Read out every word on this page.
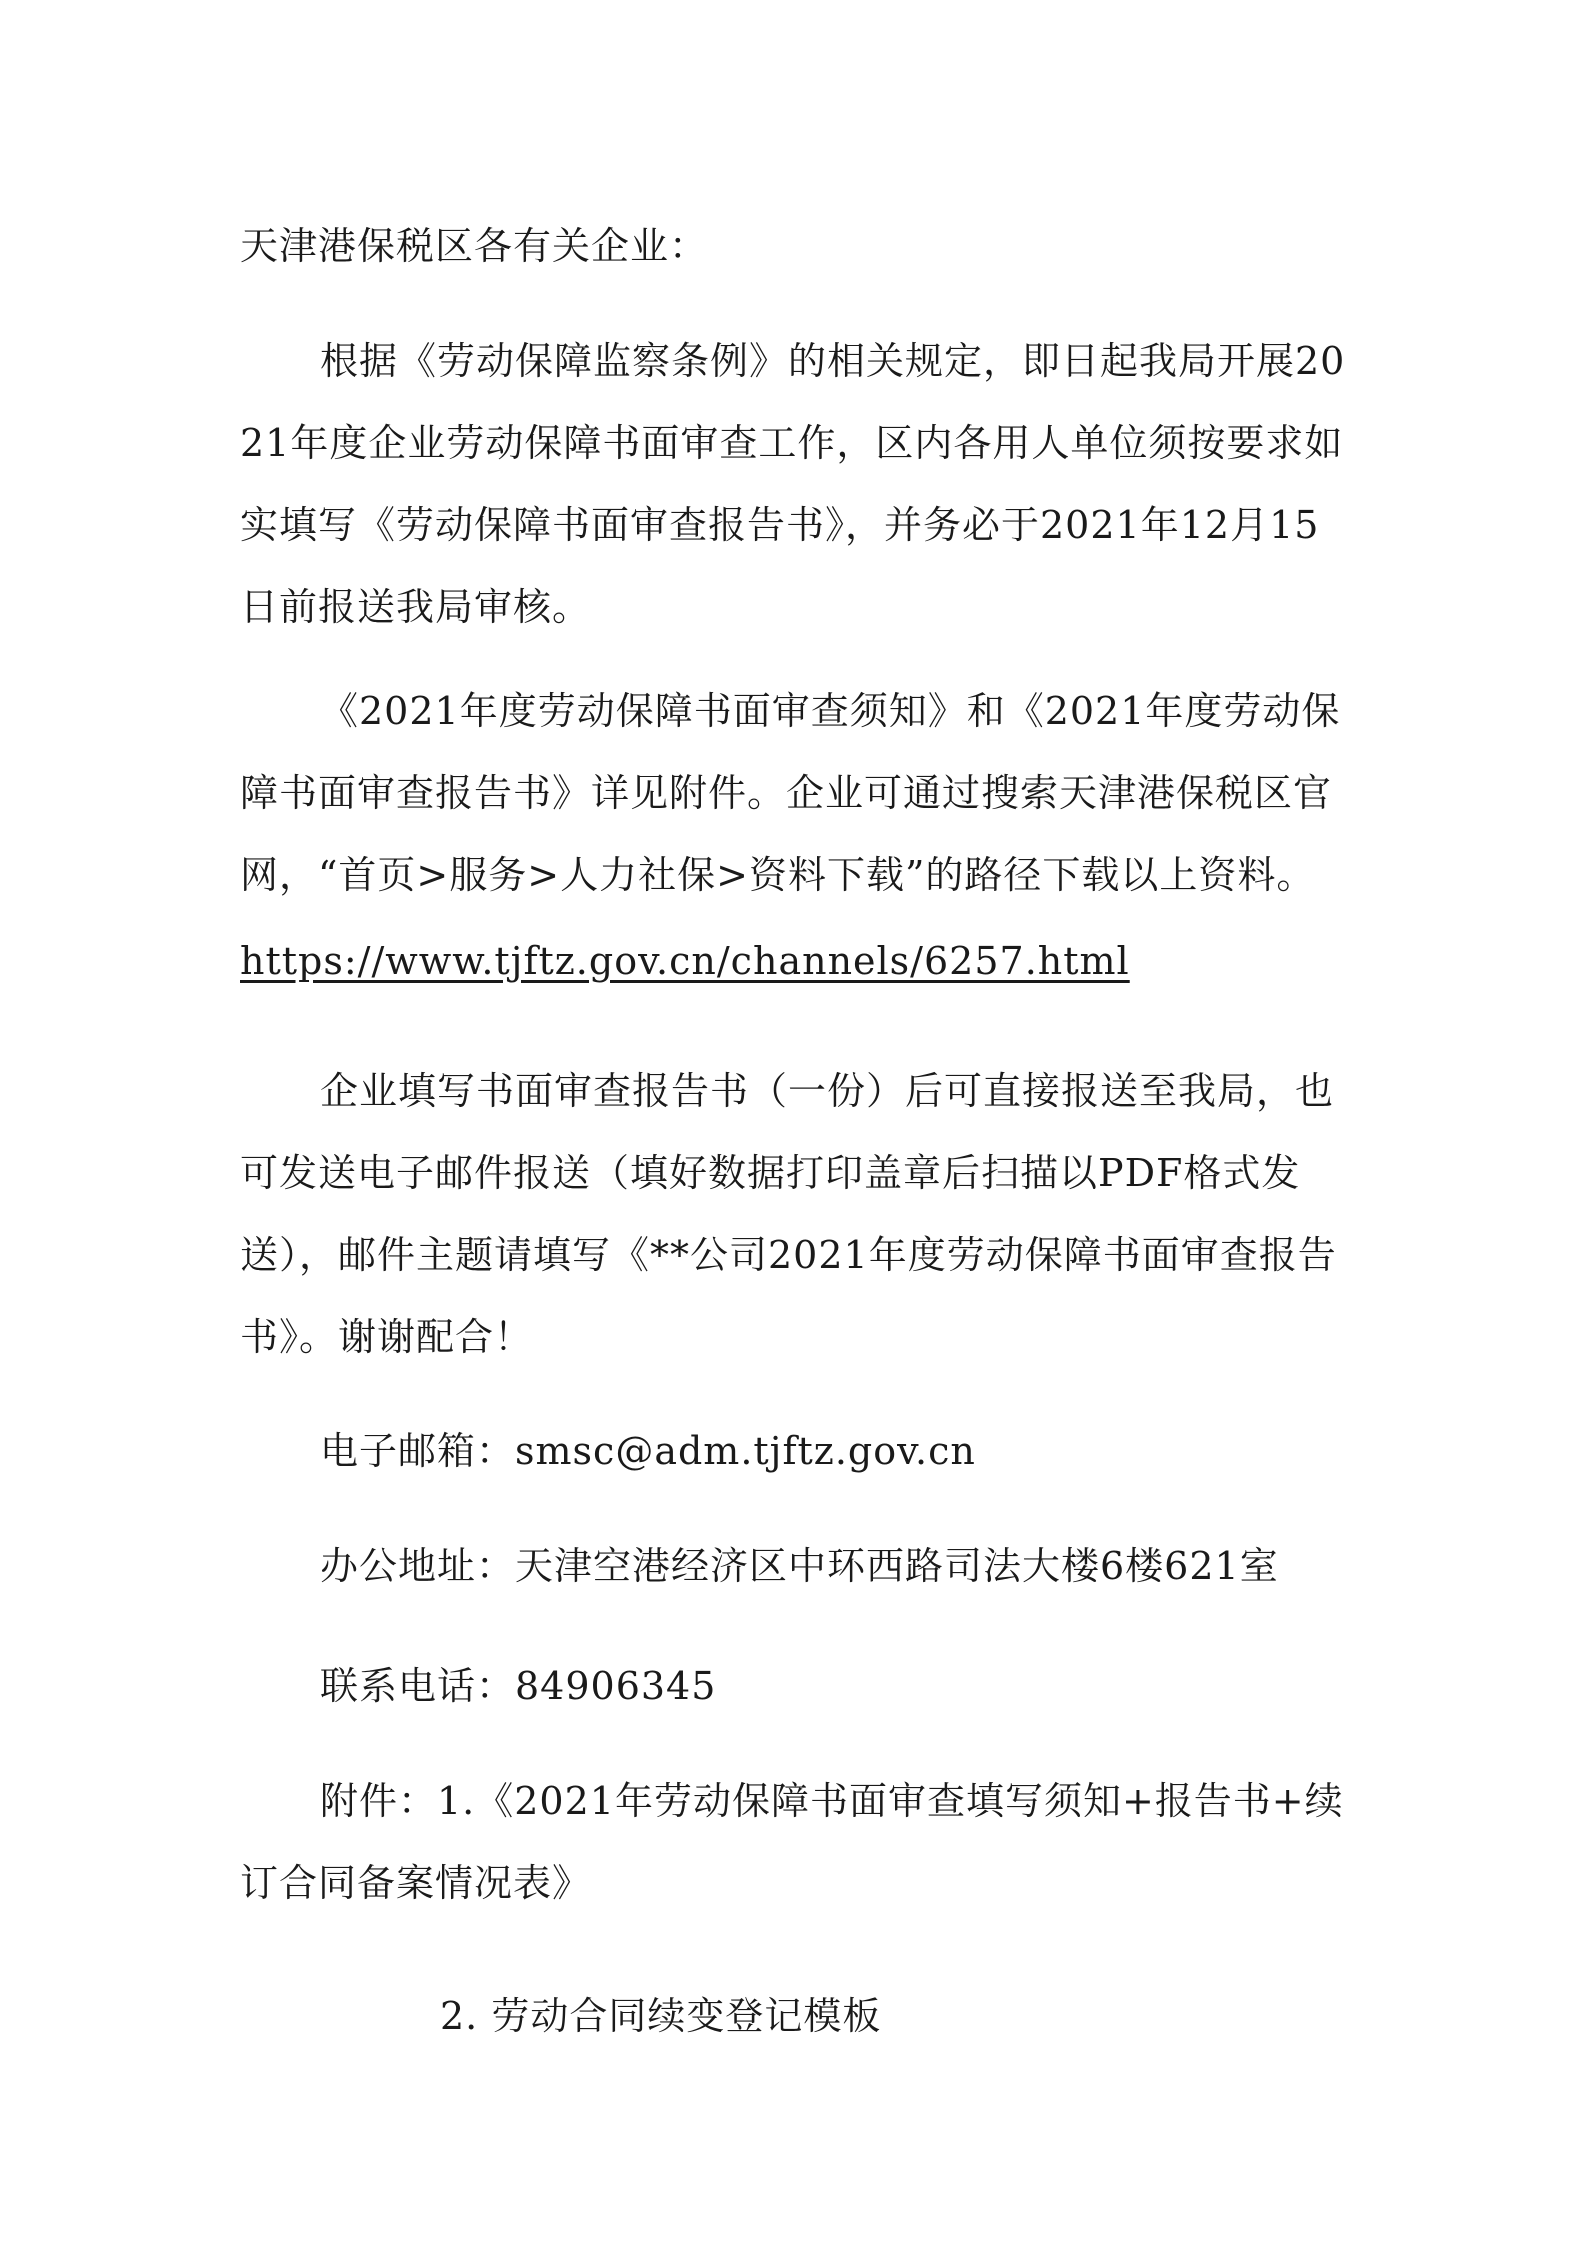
天津港保税区各有关企业：

根据《劳动保障监察条例》的相关规定，即日起我局开展2021年度企业劳动保障书面审查工作，区内各用人单位须按要求如实填写《劳动保障书面审查报告书》，并务必于2021年12月15日前报送我局审核。

《2021年度劳动保障书面审查须知》和《2021年度劳动保障书面审查报告书》详见附件。企业可通过搜索天津港保税区官网，“首页>服务>人力社保>资料下载”的路径下载以上资料。

https://www.tjftz.gov.cn/channels/6257.html

企业填写书面审查报告书（一份）后可直接报送至我局，也可发送电子邮件报送（填好数据打印盖章后扫描以PDF格式发送），邮件主题请填写《**公司2021年度劳动保障书面审查报告书》。谢谢配合！

电子邮箱：smsc@adm.tjftz.gov.cn

办公地址：天津空港经济区中环西路司法大楼6楼621室

联系电话：84906345

附件：1.《2021年劳动保障书面审查填写须知+报告书+续订合同备案情况表》

2. 劳动合同续变登记模板
